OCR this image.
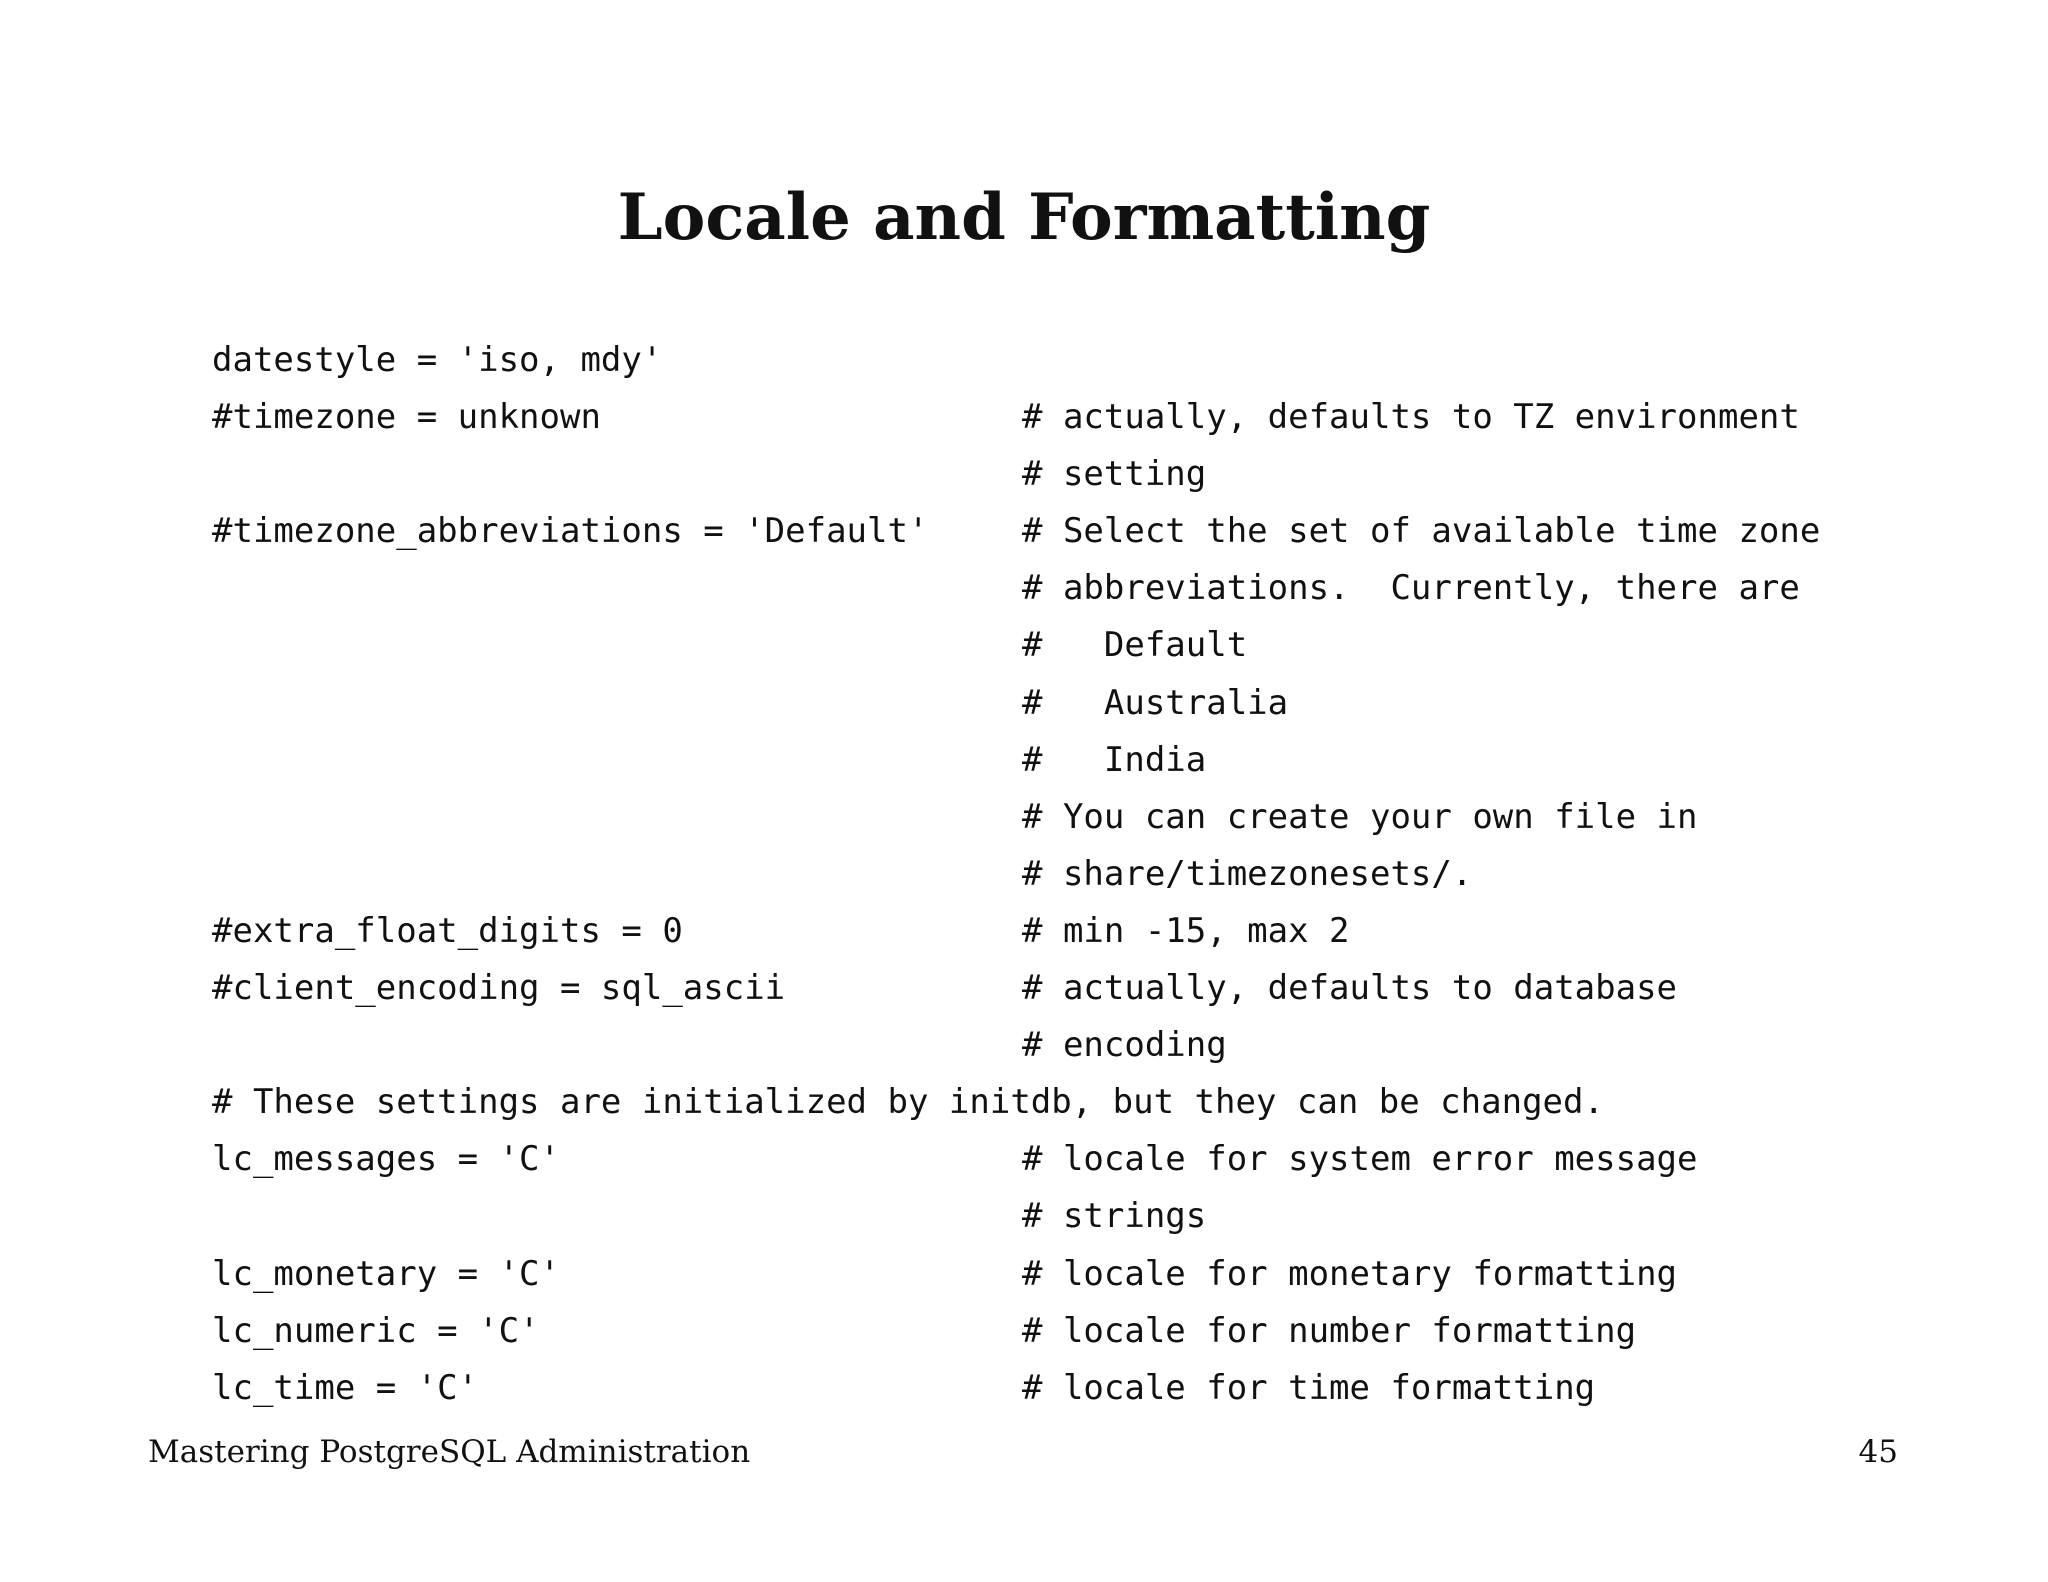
Locale and Formatting
datestyle = 'iso, mdy'
#timezone = unknown	# actually, defaults to TZ environment
# setting
#timezone_abbreviations = 'Default'	# Select the set of available time zone
# abbreviations.  Currently, there are
#   Default
#   Australia
#   India
# You can create your own file in
# share/timezonesets/.
#extra_float_digits = 0	# min -15, max 2
#client_encoding = sql_ascii	# actually, defaults to database
# encoding
# These settings are initialized by initdb, but they can be changed.
lc_messages = 'C'	# locale for system error message
# strings
lc_monetary = 'C'	# locale for monetary formatting
lc_numeric = 'C'	# locale for number formatting
lc_time = 'C'	# locale for time formatting
Mastering PostgreSQL Administration	45
